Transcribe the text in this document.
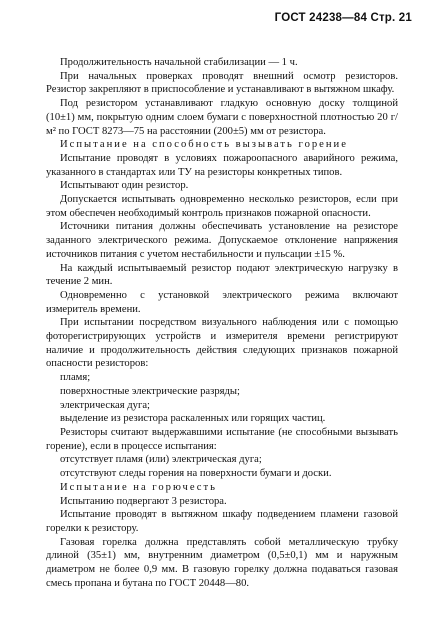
ГОСТ 24238—84 Стр. 21

Продолжительность начальной стабилизации — 1 ч.

При начальных проверках проводят внешний осмотр резисторов. Резистор закрепляют в приспособление и устанавливают в вытяжном шкафу.

Под резистором устанавливают гладкую основную доску толщиной (10±1) мм, покрытую одним слоем бумаги с поверхностной плотностью 20 г/м² по ГОСТ 8273—75 на расстоянии (200±5) мм от резистора.

Испытание на способность вызывать горение

Испытание проводят в условиях пожароопасного аварийного режима, указанного в стандартах или ТУ на резисторы конкретных типов.

Испытывают один резистор.

Допускается испытывать одновременно несколько резисторов, если при этом обеспечен необходимый контроль признаков пожарной опасности.

Источники питания должны обеспечивать установление на резисторе заданного электрического режима. Допускаемое отклонение напряжения источников питания с учетом нестабильности и пульсации ±15 %.

На каждый испытываемый резистор подают электрическую нагрузку в течение 2 мин.

Одновременно с установкой электрического режима включают измеритель времени.

При испытании посредством визуального наблюдения или с помощью фоторегистрирующих устройств и измерителя времени регистрируют наличие и продолжительность действия следующих признаков пожарной опасности резисторов:

пламя;

поверхностные электрические разряды;

электрическая дуга;

выделение из резистора раскаленных или горящих частиц.

Резисторы считают выдержавшими испытание (не способными вызывать горение), если в процессе испытания:

отсутствует пламя (или) электрическая дуга;

отсутствуют следы горения на поверхности бумаги и доски.

Испытание на горючесть

Испытанию подвергают 3 резистора.

Испытание проводят в вытяжном шкафу подведением пламени газовой горелки к резистору.

Газовая горелка должна представлять собой металлическую трубку длиной (35±1) мм, внутренним диаметром (0,5±0,1) мм и наружным диаметром не более 0,9 мм. В газовую горелку должна подаваться газовая смесь пропана и бутана по ГОСТ 20448—80.
